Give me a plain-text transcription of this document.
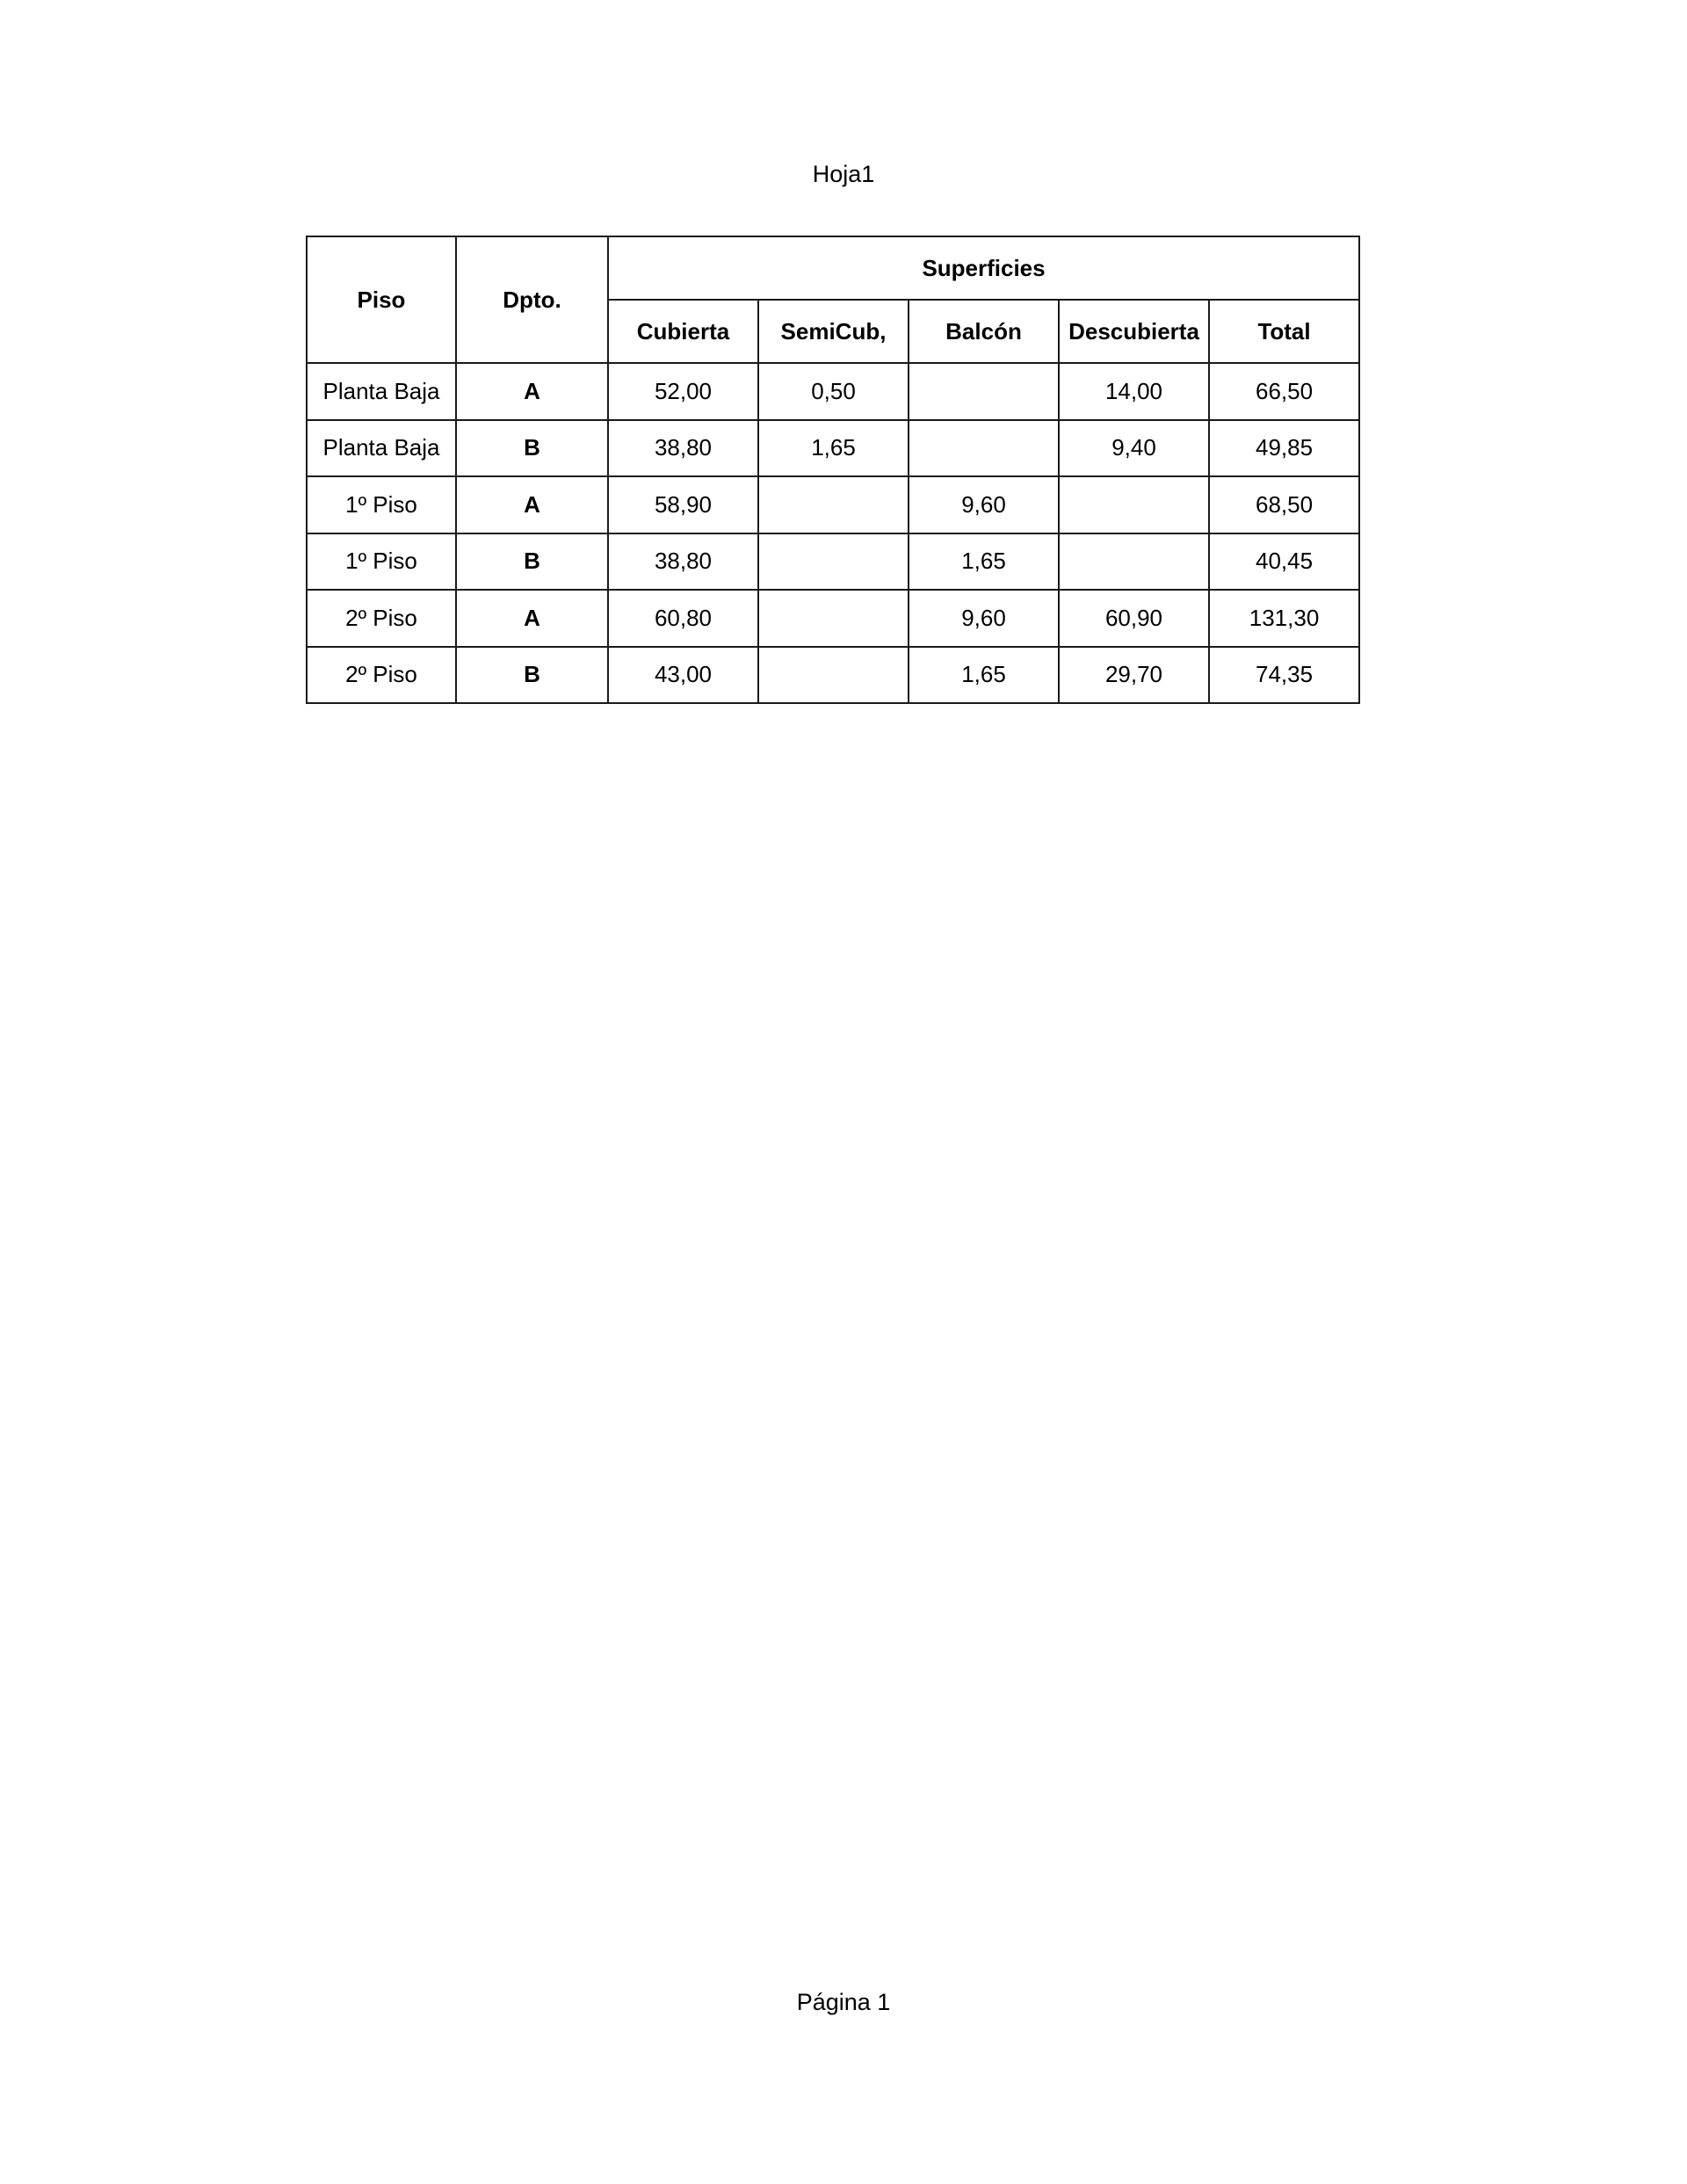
Hoja1
Piso	Dpto.	Superficies				
		Cubierta	SemiCub,	Balcón	Descubierta	Total
Planta Baja	A	52,00	0,50		14,00	66,50
Planta Baja	B	38,80	1,65		9,40	49,85
1º Piso	A	58,90		9,60		68,50
1º Piso	B	38,80		1,65		40,45
2º Piso	A	60,80		9,60	60,90	131,30
2º Piso	B	43,00		1,65	29,70	74,35
Página 1
